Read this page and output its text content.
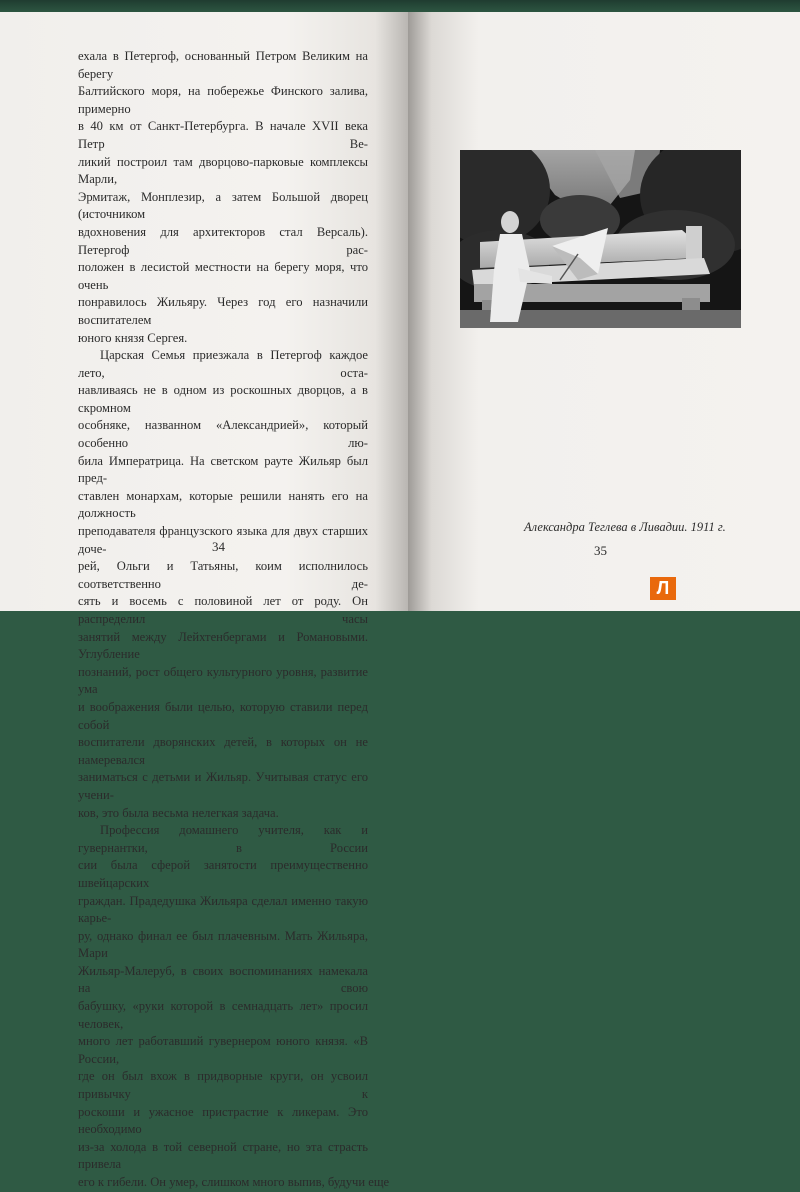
ехала в Петергоф, основанный Петром Великим на берегу
Балтийского моря, на побережье Финского залива, примерно
в 40 км от Санкт-Петербурга. В начале XVII века Петр Ве-
ликий построил там дворцово-парковые комплексы Марли,
Эрмитаж, Монплезир, а затем Большой дворец (источником
вдохновения для архитекторов стал Версаль). Петергоф рас-
положен в лесистой местности на берегу моря, что очень
понравилось Жильяру. Через год его назначили воспитателем
юного князя Сергея.

Царская Семья приезжала в Петергоф каждое лето, оста-
навливаясь не в одном из роскошных дворцов, а в скромном
особняке, названном «Александрией», который особенно лю-
била Императрица. На светском рауте Жильяр был пред-
ставлен монархам, которые решили нанять его на должность
преподавателя французского языка для двух старших доче-
рей, Ольги и Татьяны, коим исполнилось соответственно де-
сять и восемь с половиной лет от роду. Он распределил часы
занятий между Лейхтенбергами и Романовыми. Углубление
познаний, рост общего культурного уровня, развитие ума
и воображения были целью, которую ставили перед собой
воспитатели дворянских детей, в которых он не намеревался
заниматься с детьми и Жильяр. Учитывая статус его учени-
ков, это была весьма нелегкая задача.

Профессия домашнего учителя, как и гувернантки, в России
сии была сферой занятости преимущественно швейцарских
граждан. Прадедушка Жильяра сделал именно такую карье-
ру, однако финал ее был плачевным. Мать Жильяра, Мари
Жильяр-Малеруб, в своих воспоминаниях намекала на свою
бабушку, «руки которой в семнадцать лет» просил человек,
много лет работавший гувернером юного князя. «В России,
где он был вхож в придворные круги, он усвоил привычку к
роскоши и ужасное пристрастие к ликерам. Это необходимо
из-за холода в той северной стране, но эта страсть привела
его к гибели. Он умер, слишком много выпив, будучи еще

34
Александра Теглева в Ливадии. 1911 г.
35
Л
